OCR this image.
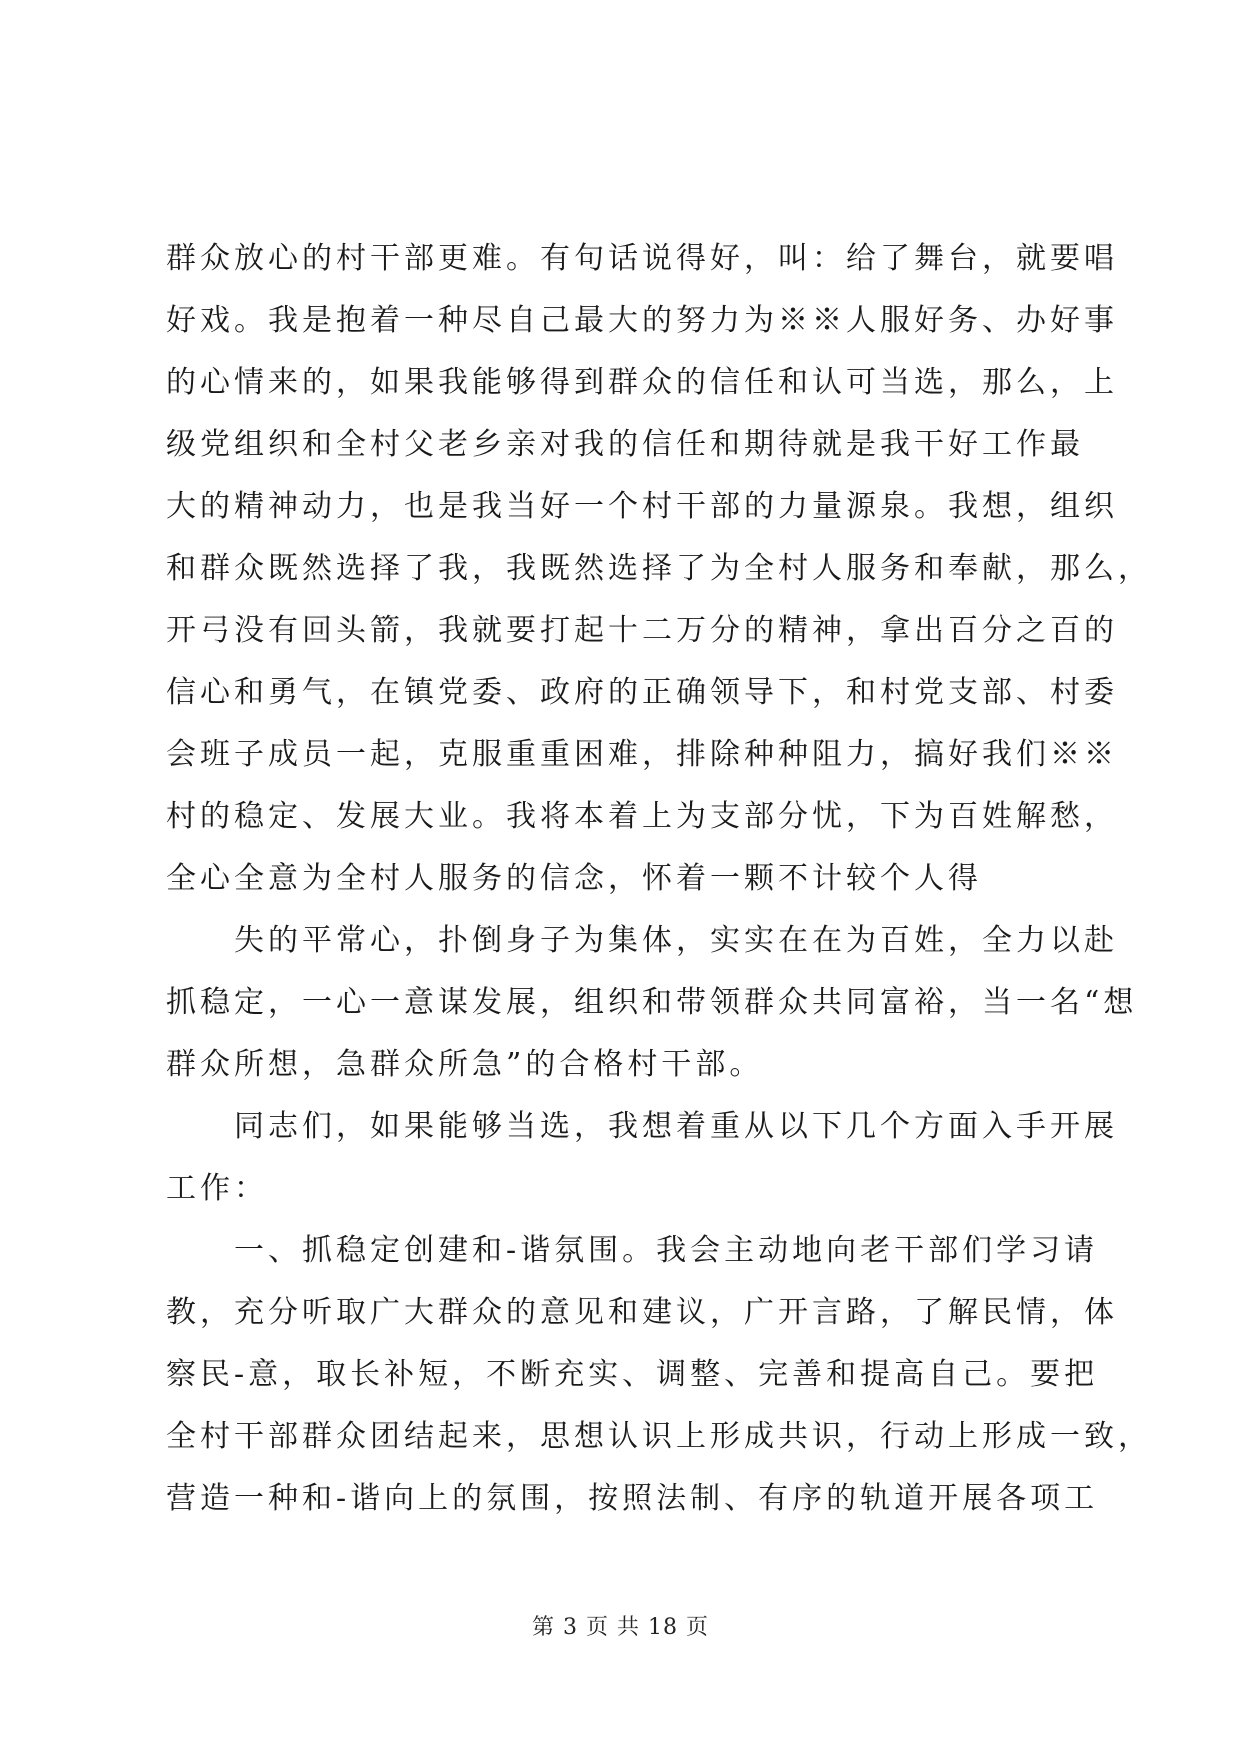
群众放心的村干部更难。有句话说得好，叫：给了舞台，就要唱
好戏。我是抱着一种尽自己最大的努力为※※人服好务、办好事
的心情来的，如果我能够得到群众的信任和认可当选，那么，上
级党组织和全村父老乡亲对我的信任和期待就是我干好工作最
大的精神动力，也是我当好一个村干部的力量源泉。我想，组织
和群众既然选择了我，我既然选择了为全村人服务和奉献，那么，
开弓没有回头箭，我就要打起十二万分的精神，拿出百分之百的
信心和勇气，在镇党委、政府的正确领导下，和村党支部、村委
会班子成员一起，克服重重困难，排除种种阻力，搞好我们※※
村的稳定、发展大业。我将本着上为支部分忧，下为百姓解愁，
全心全意为全村人服务的信念，怀着一颗不计较个人得
　　失的平常心，扑倒身子为集体，实实在在为百姓，全力以赴
抓稳定，一心一意谋发展，组织和带领群众共同富裕，当一名“想
群众所想，急群众所急”的合格村干部。
　　同志们，如果能够当选，我想着重从以下几个方面入手开展
工作：
　　一、抓稳定创建和-谐氛围。我会主动地向老干部们学习请
教，充分听取广大群众的意见和建议，广开言路，了解民情，体
察民-意，取长补短，不断充实、调整、完善和提高自己。要把
全村干部群众团结起来，思想认识上形成共识，行动上形成一致，
营造一种和-谐向上的氛围，按照法制、有序的轨道开展各项工
第 3 页 共 18 页
